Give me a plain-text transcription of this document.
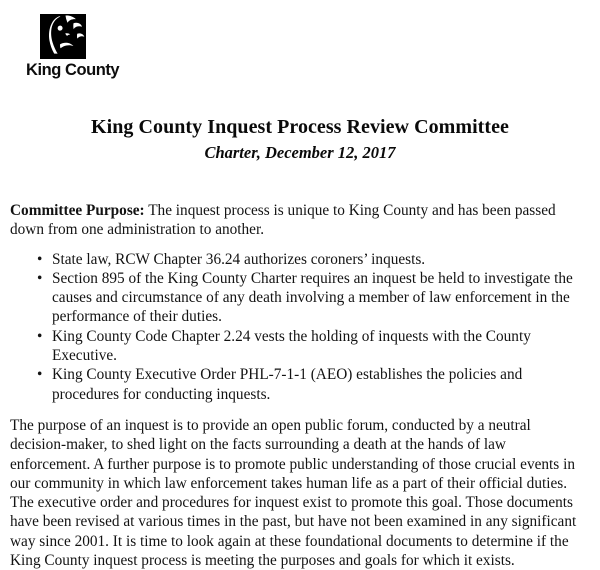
King County
King County Inquest Process Review Committee
Charter, December 12, 2017

Committee Purpose: The inquest process is unique to King County and has been passed down from one administration to another.

• State law, RCW Chapter 36.24 authorizes coroners’ inquests.
• Section 895 of the King County Charter requires an inquest be held to investigate the causes and circumstance of any death involving a member of law enforcement in the performance of their duties.
• King County Code Chapter 2.24 vests the holding of inquests with the County Executive.
• King County Executive Order PHL-7-1-1 (AEO) establishes the policies and procedures for conducting inquests.

The purpose of an inquest is to provide an open public forum, conducted by a neutral decision-maker, to shed light on the facts surrounding a death at the hands of law enforcement. A further purpose is to promote public understanding of those crucial events in our community in which law enforcement takes human life as a part of their official duties. The executive order and procedures for inquest exist to promote this goal. Those documents have been revised at various times in the past, but have not been examined in any significant way since 2001. It is time to look again at these foundational documents to determine if the King County inquest process is meeting the purposes and goals for which it exists.
